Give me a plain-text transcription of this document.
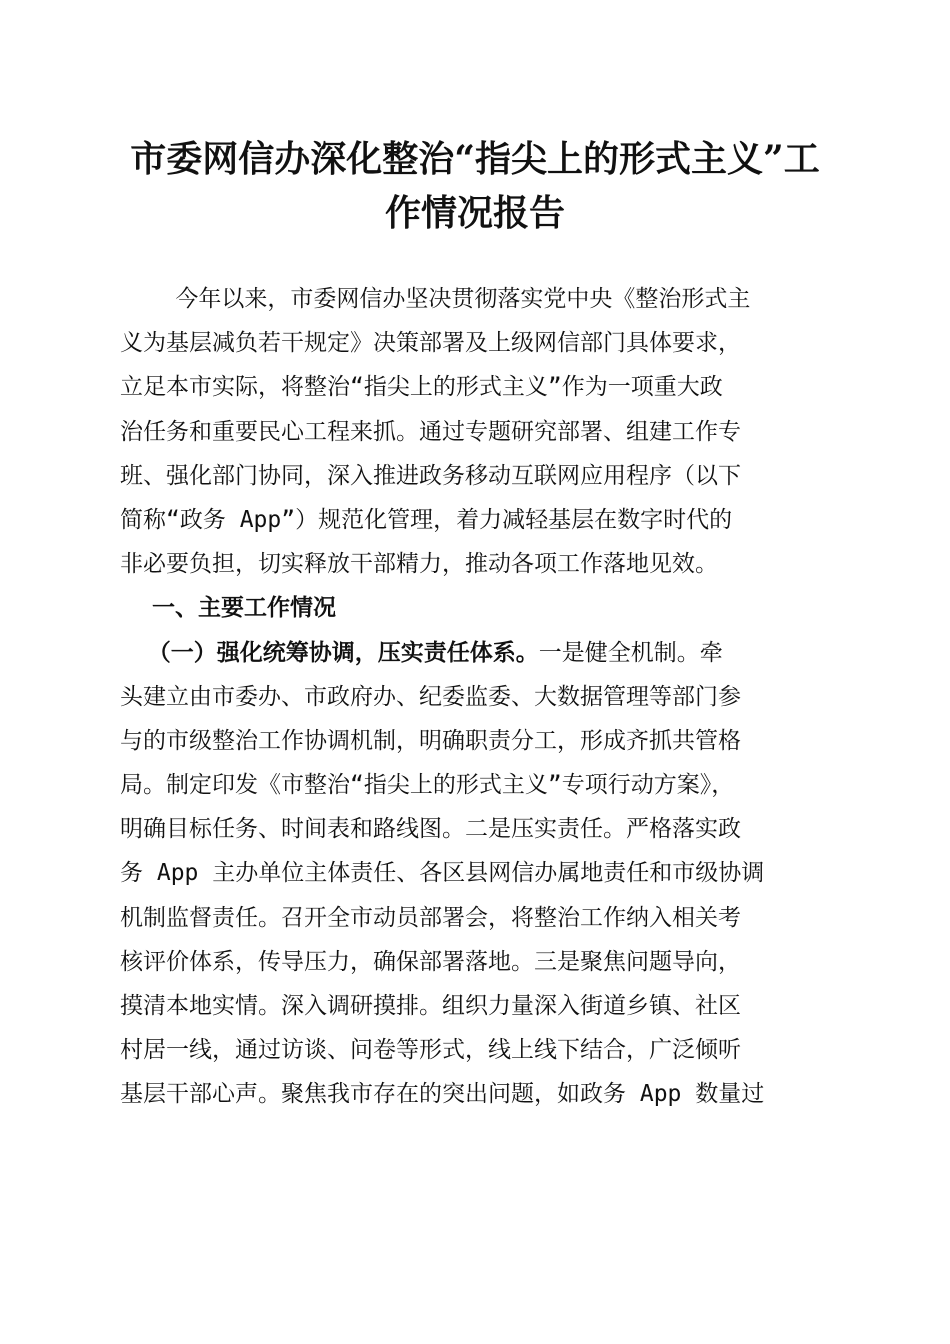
市委网信办深化整治“指尖上的形式主义”工
作情况报告
今年以来，市委网信办坚决贯彻落实党中央《整治形式主
义为基层减负若干规定》决策部署及上级网信部门具体要求，
立足本市实际，将整治“指尖上的形式主义”作为一项重大政
治任务和重要民心工程来抓。通过专题研究部署、组建工作专
班、强化部门协同，深入推进政务移动互联网应用程序（以下
简称“政务 App”）规范化管理，着力减轻基层在数字时代的
非必要负担，切实释放干部精力，推动各项工作落地见效。
一、主要工作情况
（一）强化统筹协调，压实责任体系。一是健全机制。牵
头建立由市委办、市政府办、纪委监委、大数据管理等部门参
与的市级整治工作协调机制，明确职责分工，形成齐抓共管格
局。制定印发《市整治“指尖上的形式主义”专项行动方案》，
明确目标任务、时间表和路线图。二是压实责任。严格落实政
务 App 主办单位主体责任、各区县网信办属地责任和市级协调
机制监督责任。召开全市动员部署会，将整治工作纳入相关考
核评价体系，传导压力，确保部署落地。三是聚焦问题导向，
摸清本地实情。深入调研摸排。组织力量深入街道乡镇、社区
村居一线，通过访谈、问卷等形式，线上线下结合，广泛倾听
基层干部心声。聚焦我市存在的突出问题，如政务 App 数量过
